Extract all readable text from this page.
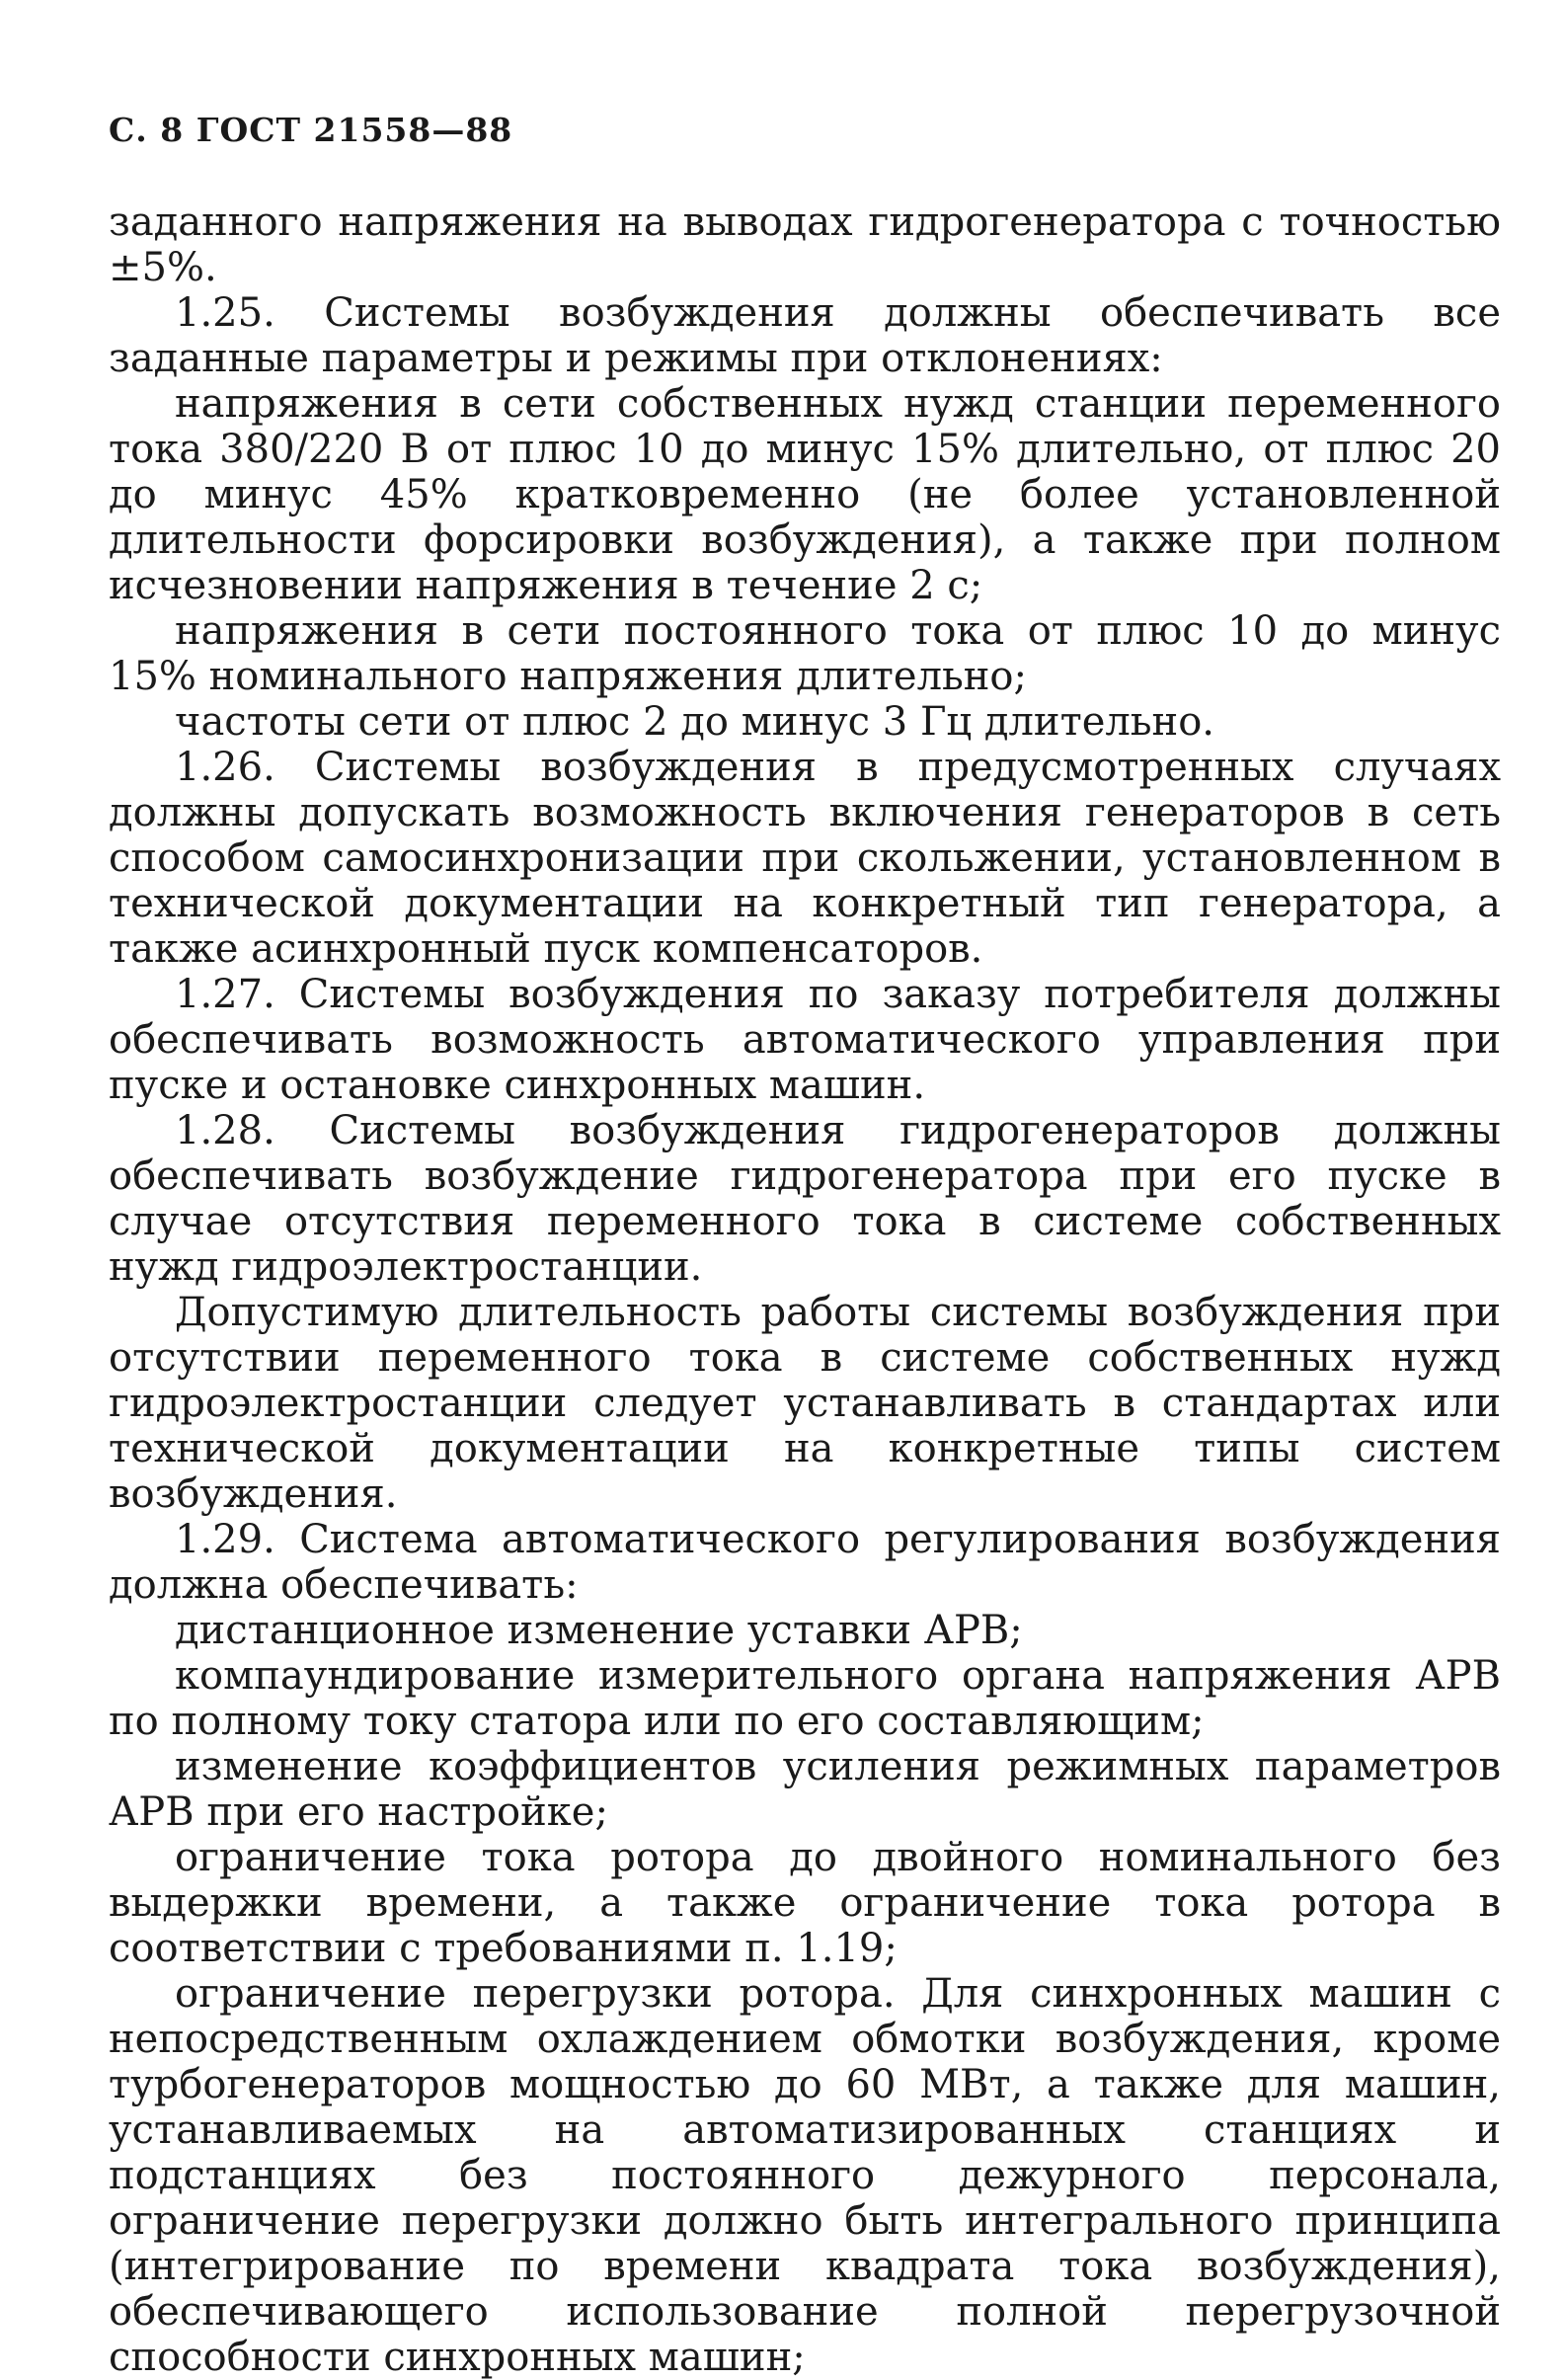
С. 8 ГОСТ 21558—88

заданного напряжения на выводах гидрогенератора с точностью ±5%.

1.25. Системы возбуждения должны обеспечивать все заданные параметры и режимы при отклонениях:

напряжения в сети собственных нужд станции переменного тока 380/220 В от плюс 10 до минус 15% длительно, от плюс 20 до минус 45% кратковременно (не более установленной длительности форсировки возбуждения), а также при полном исчезновении напряжения в течение 2 с;

напряжения в сети постоянного тока от плюс 10 до минус 15% номинального напряжения длительно;

частоты сети от плюс 2 до минус 3 Гц длительно.

1.26. Системы возбуждения в предусмотренных случаях должны допускать возможность включения генераторов в сеть способом самосинхронизации при скольжении, установленном в технической документации на конкретный тип генератора, а также асинхронный пуск компенсаторов.

1.27. Системы возбуждения по заказу потребителя должны обеспечивать возможность автоматического управления при пуске и остановке синхронных машин.

1.28. Системы возбуждения гидрогенераторов должны обеспечивать возбуждение гидрогенератора при его пуске в случае отсутствия переменного тока в системе собственных нужд гидроэлектростанции.

Допустимую длительность работы системы возбуждения при отсутствии переменного тока в системе собственных нужд гидроэлектростанции следует устанавливать в стандартах или технической документации на конкретные типы систем возбуждения.

1.29. Система автоматического регулирования возбуждения должна обеспечивать:

дистанционное изменение уставки АРВ;

компаундирование измерительного органа напряжения АРВ по полному току статора или по его составляющим;

изменение коэффициентов усиления режимных параметров АРВ при его настройке;

ограничение тока ротора до двойного номинального без выдержки времени, а также ограничение тока ротора в соответствии с требованиями п. 1.19;

ограничение перегрузки ротора. Для синхронных машин с непосредственным охлаждением обмотки возбуждения, кроме турбогенераторов мощностью до 60 МВт, а также для машин, устанавливаемых на автоматизированных станциях и подстанциях без постоянного дежурного персонала, ограничение перегрузки должно быть интегрального принципа (интегрирование по времени квадрата тока возбуждения), обеспечивающего использование полной перегрузочной способности синхронных машин;
